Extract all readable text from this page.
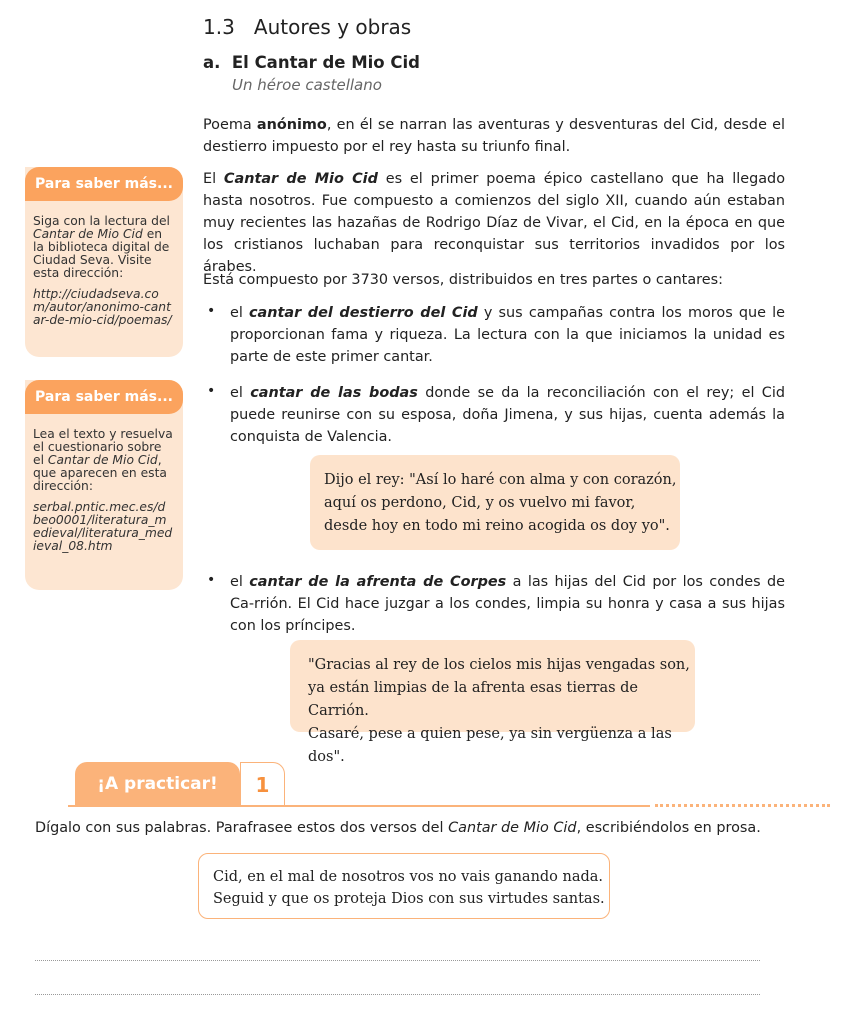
1.3 Autores y obras
a. El Cantar de Mio Cid
Un héroe castellano
Poema anónimo, en él se narran las aventuras y desventuras del Cid, desde el destierro impuesto por el rey hasta su triunfo final.
El Cantar de Mio Cid es el primer poema épico castellano que ha llegado hasta nosotros. Fue compuesto a comienzos del siglo XII, cuando aún estaban muy recientes las hazañas de Rodrigo Díaz de Vivar, el Cid, en la época en que los cristianos luchaban para reconquistar sus territorios invadidos por los árabes.
Está compuesto por 3730 versos, distribuidos en tres partes o cantares:
• el cantar del destierro del Cid y sus campañas contra los moros que le proporcionan fama y riqueza. La lectura con la que iniciamos la unidad es parte de este primer cantar.
• el cantar de las bodas donde se da la reconciliación con el rey; el Cid puede reunirse con su esposa, doña Jimena, y sus hijas, cuenta además la conquista de Valencia.
• el cantar de la afrenta de Corpes a las hijas del Cid por los condes de Ca-rrión. El Cid hace juzgar a los condes, limpia su honra y casa a sus hijas con los príncipes.
Dijo el rey: "Así lo haré con alma y con corazón,
aquí os perdono, Cid, y os vuelvo mi favor,
desde hoy en todo mi reino acogida os doy yo".
"Gracias al rey de los cielos mis hijas vengadas son,
ya están limpias de la afrenta esas tierras de Carrión.
Casaré, pese a quien pese, ya sin vergüenza a las dos".
Para saber más...

Siga con la lectura del Cantar de Mio Cid en la biblioteca digital de Ciudad Seva. Visite esta dirección:

http://ciudadseva.com/autor/anonimo-cantar-de-mio-cid/poemas/

Para saber más...

Lea el texto y resuelva el cuestionario sobre el Cantar de Mio Cid, que aparecen en esta dirección:

serbal.pntic.mec.es/dbeo0001/literatura_medieval/literatura_medieval_08.htm

¡A practicar!	1
Dígalo con sus palabras. Parafrasee estos dos versos del Cantar de Mio Cid, escribiéndolos en prosa.
Cid, en el mal de nosotros vos no vais ganando nada.
Seguid y que os proteja Dios con sus virtudes santas.
